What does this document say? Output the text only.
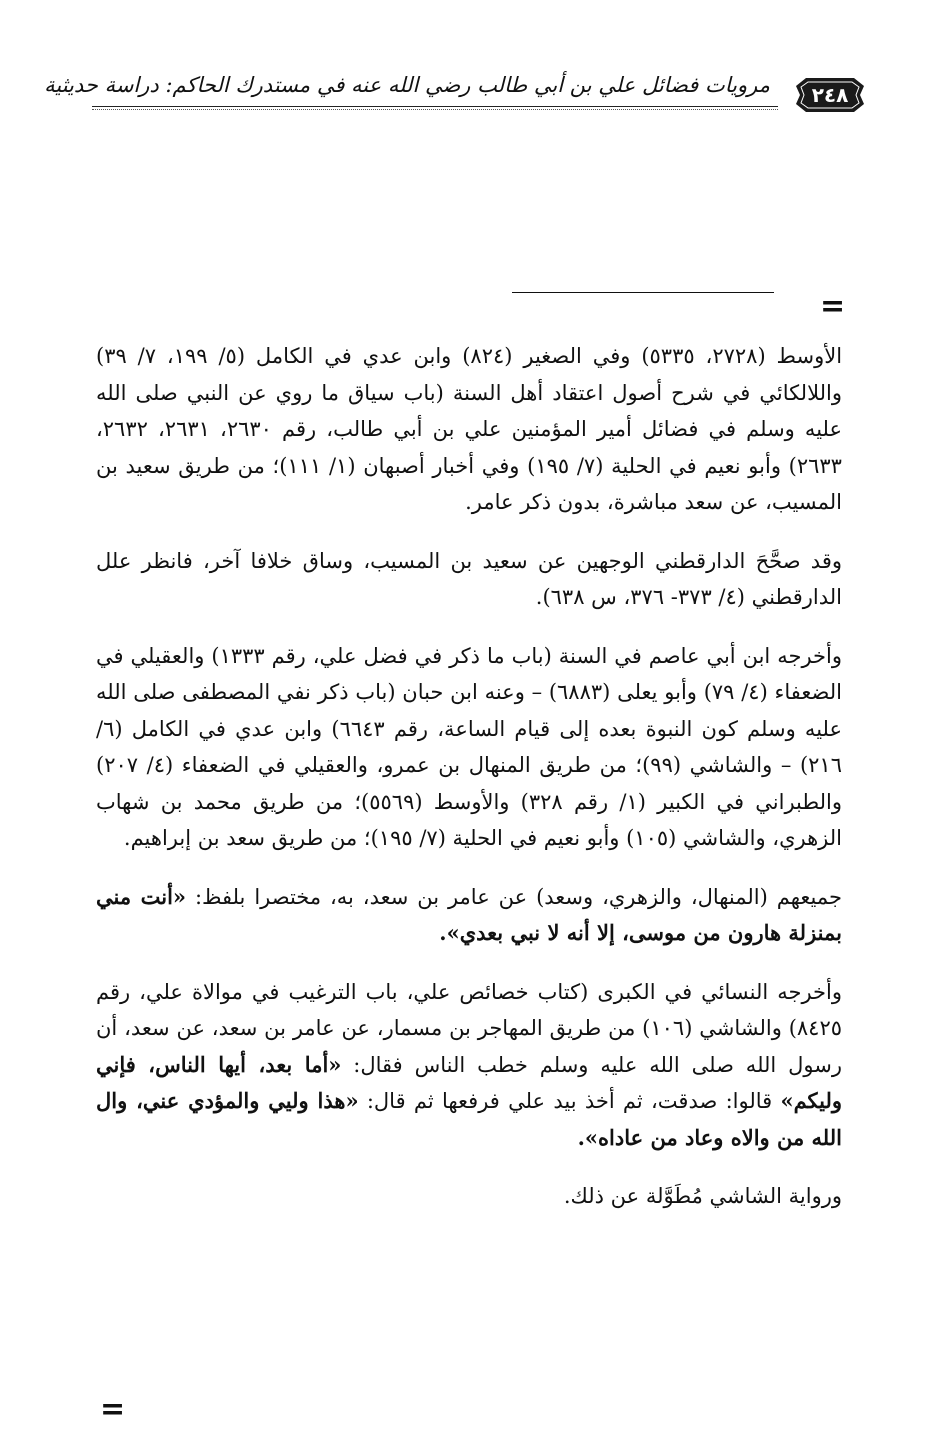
مرويات فضائل علي بن أبي طالب رضي الله عنه في مستدرك الحاكم: دراسة حديثية	٢٤٨
=

الأوسط (٢٧٢٨، ٥٣٣٥) وفي الصغير (٨٢٤) وابن عدي في الكامل (٥/ ١٩٩، ٧/ ٣٩) واللالكائي في شرح أصول اعتقاد أهل السنة (باب سياق ما روي عن النبي صلى الله عليه وسلم في فضائل أمير المؤمنين علي بن أبي طالب، رقم ٢٦٣٠، ٢٦٣١، ٢٦٣٢، ٢٦٣٣) وأبو نعيم في الحلية (٧/ ١٩٥) وفي أخبار أصبهان (١/ ١١١)؛ من طريق سعيد بن المسيب، عن سعد مباشرة، بدون ذكر عامر.

وقد صحَّحَ الدارقطني الوجهين عن سعيد بن المسيب، وساق خلافا آخر، فانظر علل الدارقطني (٤/ ٣٧٣- ٣٧٦، س ٦٣٨).

وأخرجه ابن أبي عاصم في السنة (باب ما ذكر في فضل علي، رقم ١٣٣٣) والعقيلي في الضعفاء (٤/ ٧٩) وأبو يعلى (٦٨٨٣) – وعنه ابن حبان (باب ذكر نفي المصطفى صلى الله عليه وسلم كون النبوة بعده إلى قيام الساعة، رقم ٦٦٤٣) وابن عدي في الكامل (٦/ ٢١٦) – والشاشي (٩٩)؛ من طريق المنهال بن عمرو، والعقيلي في الضعفاء (٤/ ٢٠٧) والطبراني في الكبير (١/ رقم ٣٢٨) والأوسط (٥٥٦٩)؛ من طريق محمد بن شهاب الزهري، والشاشي (١٠٥) وأبو نعيم في الحلية (٧/ ١٩٥)؛ من طريق سعد بن إبراهيم.

جميعهم (المنهال، والزهري، وسعد) عن عامر بن سعد، به، مختصرا بلفظ: «أنت مني بمنزلة هارون من موسى، إلا أنه لا نبي بعدي».

وأخرجه النسائي في الكبرى (كتاب خصائص علي، باب الترغيب في موالاة علي، رقم ٨٤٢٥) والشاشي (١٠٦) من طريق المهاجر بن مسمار، عن عامر بن سعد، عن سعد، أن رسول الله صلى الله عليه وسلم خطب الناس فقال: «أما بعد، أيها الناس، فإني وليكم» قالوا: صدقت، ثم أخذ بيد علي فرفعها ثم قال: «هذا وليي والمؤدي عني، وال الله من والاه وعاد من عاداه».

ورواية الشاشي مُطَوَّلة عن ذلك.

=
